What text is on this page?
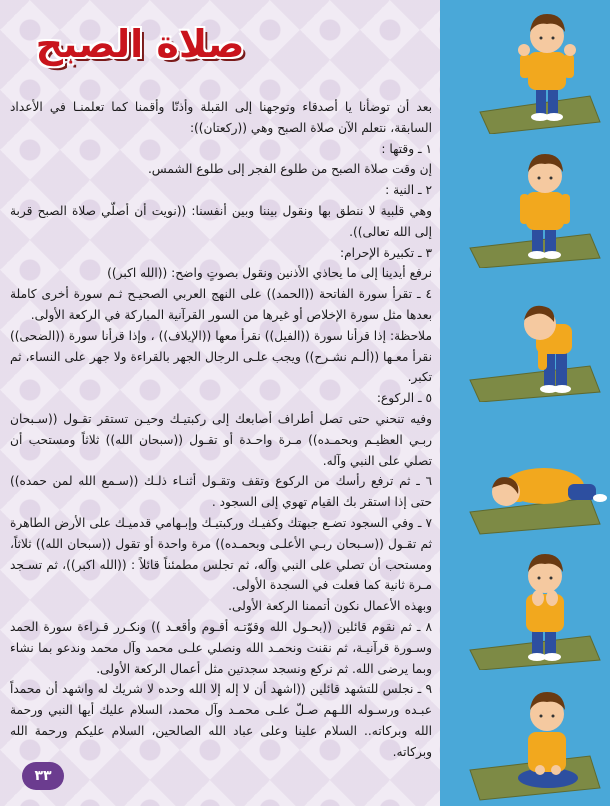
صلاة الصبح

بعد أن توضأنا يا أصدقاء وتوجهنا إلى القبلة وأذنّا وأقمنا كما تعلمنـا في الأعداد السابقة، نتعلم الآن صلاة الصبح وهي ((ركعتان)):

١ ـ وقتها :

إن وقت صلاة الصبح من طلوع الفجر إلى طلوع الشمس.

٢ ـ النية :

وهي قلبية لا ننطق بها ونقول بيننا وبين أنفسنا: ((نويت أن أصلّي صلاة الصبح قربة إلى الله تعالى)).

٣ ـ تكبيرة الإحرام:

نرفع أيدينا إلى ما يحاذي الأذنين ونقول بصوتٍ واضح: ((الله اكبر))

٤ ـ تقرأ سورة الفاتحة ((الحمد)) على النهج العربي الصحيـح ثـم سورة أخرى كاملة بعدها مثل سورة الإخلاص أو غيرها من السور القرآنية المباركة في الركعة الأولى.

ملاحظة: إذا قرأنا سورة ((الفيل)) نقرأ معها ((الإيلاف)) ، وإذا قرأنا سورة ((الضحى)) نقرأ معـها ((ألـم نشـرح)) ويجب علـى الرجال الجهر بالقراءة ولا جهر على النساء، ثم تكبر.

٥ ـ الركوع:

وفيه تنحني حتى تصل أطراف أصابعك إلى ركبتيـك وحيـن تستقر تقـول ((سـبحان ربـي العظيـم وبحمـده)) مـرة واحـدة أو تقـول ((سبحان الله)) ثلاثاً ومستحب أن تصلي على النبي وآله.

٦ ـ ثم ترفع رأسك من الركوع وتقف وتقـول أثنـاء ذلـك ((سـمع الله لمن حمده)) حتى إذا استقر بك القيام تهوي إلى السجود .

٧ ـ وفي السجود تضـع جبهتك وكفيـك وركبتيـك وإبـهامي قدميـك على الأرض الطاهرة ثم تقـول ((سـبحان ربـي الأعلـى وبحمـده)) مرة واحدة أو تقول ((سبحان الله)) ثلاثاً، ومستحب أن تصلي على النبي وآله، ثم تجلس مطمئناً قائلاً : ((الله اكبر))، ثم تسـجد مـرة ثانية كما فعلت في السجدة الأولى.

وبهذه الأعمال نكون أتممنا الركعة الأولى.

٨ ـ ثم نقوم قائلين ((بحـول الله وقوّتـه أقـوم وأقعـد )) ونكـرر قـراءة سورة الحمد وسـورة قرآنيـة، ثم نقنت ونحمـد الله ونصلي علـى محمد وآل محمد وندعو بما نشاء وبما يرضى الله. ثم نركع ونسجد سجدتين مثل أعمال الركعة الأولى.

٩ ـ نجلس للتشهد قائلين ((اشهد أن لا إله إلا الله وحده لا شريك له واشهد أن محمداً عبـده ورسـوله اللـهم صـلّ علـى محمـد وآل محمد، السلام عليك أيها النبي ورحمة الله وبركاته.. السلام علينا وعلى عباد الله الصالحين، السلام عليكم ورحمة الله وبركاته.

٣٣
